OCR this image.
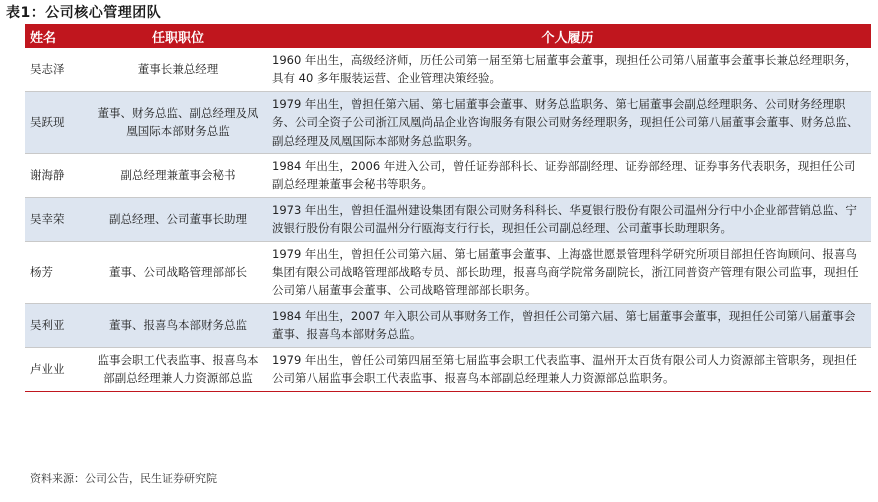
表1：公司核心管理团队
姓名	任职职位	个人履历
吴志泽	董事长兼总经理	1960 年出生，高级经济师，历任公司第一届至第七届董事会董事，现担任公司第八届董事会董事长兼总经理职务，具有 40 多年服装运营、企业管理决策经验。
吴跃现	董事、财务总监、副总经理及凤凰国际本部财务总监	1979 年出生，曾担任第六届、第七届董事会董事、财务总监职务、第七届董事会副总经理职务、公司财务经理职务、公司全资子公司浙江凤凰尚品企业咨询服务有限公司财务经理职务，现担任公司第八届董事会董事、财务总监、副总经理及凤凰国际本部财务总监职务。
谢海静	副总经理兼董事会秘书	1984 年出生，2006 年进入公司，曾任证券部科长、证券部副经理、证券部经理、证券事务代表职务，现担任公司副总经理兼董事会秘书等职务。
吴幸荣	副总经理、公司董事长助理	1973 年出生，曾担任温州建设集团有限公司财务科科长、华夏银行股份有限公司温州分行中小企业部营销总监、宁波银行股份有限公司温州分行瓯海支行行长，现担任公司副总经理、公司董事长助理职务。
杨芳	董事、公司战略管理部部长	1979 年出生，曾担任公司第六届、第七届董事会董事、上海盛世愿景管理科学研究所项目部担任咨询顾问、报喜鸟集团有限公司战略管理部战略专员、部长助理，报喜鸟商学院常务副院长，浙江同普资产管理有限公司监事，现担任公司第八届董事会董事、公司战略管理部部长职务。
吴利亚	董事、报喜鸟本部财务总监	1984 年出生，2007 年入职公司从事财务工作，曾担任公司第六届、第七届董事会董事，现担任公司第八届董事会董事、报喜鸟本部财务总监。
卢业业	监事会职工代表监事、报喜鸟本部副总经理兼人力资源部总监	1979 年出生，曾任公司第四届至第七届监事会职工代表监事、温州开太百货有限公司人力资源部主管职务，现担任公司第八届监事会职工代表监事、报喜鸟本部副总经理兼人力资源部总监职务。
资料来源：公司公告，民生证券研究院
